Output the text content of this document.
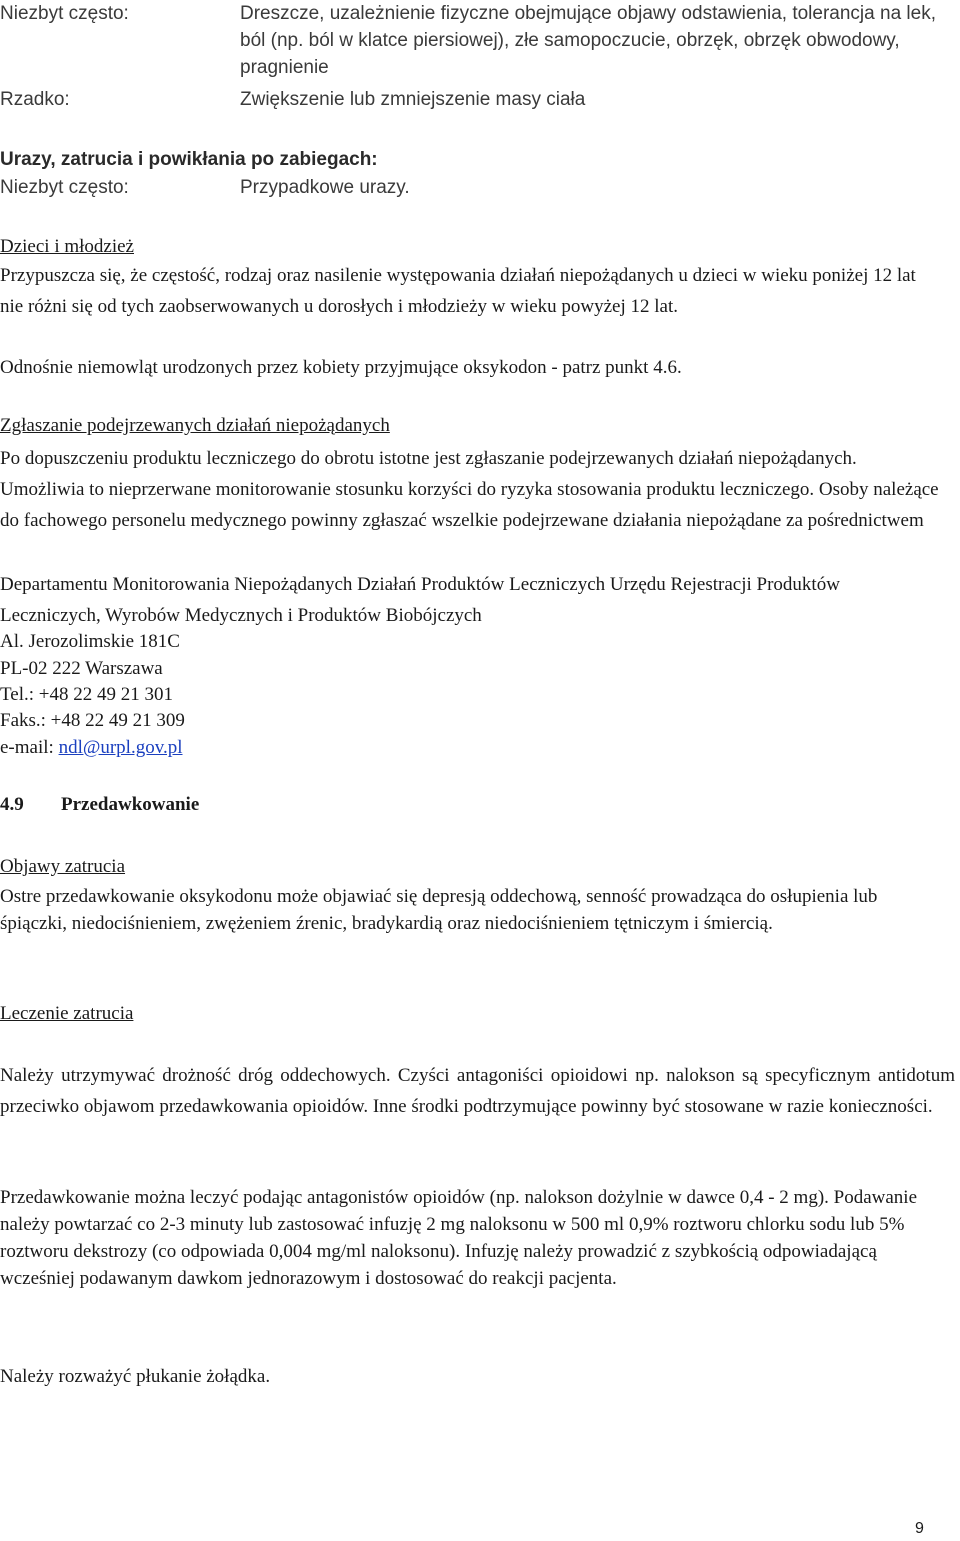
Niezbyt często:	Dreszcze, uzależnienie fizyczne obejmujące objawy odstawienia, tolerancja na lek, ból (np. ból w klatce piersiowej), złe samopoczucie, obrzęk, obrzęk obwodowy, pragnienie
Rzadko:	Zwiększenie lub zmniejszenie masy ciała
Urazy, zatrucia i powikłania po zabiegach:
Niezbyt często:	Przypadkowe urazy.
Dzieci i młodzież
Przypuszcza się, że częstość, rodzaj oraz nasilenie występowania działań niepożądanych u dzieci w wieku poniżej 12 lat nie różni się od tych zaobserwowanych u dorosłych i młodzieży w wieku powyżej 12 lat.
Odnośnie niemowląt urodzonych przez kobiety przyjmujące oksykodon - patrz punkt 4.6.
Zgłaszanie podejrzewanych działań niepożądanych
Po dopuszczeniu produktu leczniczego do obrotu istotne jest zgłaszanie podejrzewanych działań niepożądanych. Umożliwia to nieprzerwane monitorowanie stosunku korzyści do ryzyka stosowania produktu leczniczego. Osoby należące do fachowego personelu medycznego powinny zgłaszać wszelkie podejrzewane działania niepożądane za pośrednictwem
Departamentu Monitorowania Niepożądanych Działań Produktów Leczniczych Urzędu Rejestracji Produktów Leczniczych, Wyrobów Medycznych i Produktów Biobójczych
Al. Jerozolimskie 181C
PL-02 222 Warszawa
Tel.: +48 22 49 21 301
Faks.: +48 22 49 21 309
e-mail: ndl@urpl.gov.pl
4.9 Przedawkowanie
Objawy zatrucia
Ostre przedawkowanie oksykodonu może objawiać się depresją oddechową, senność prowadząca do osłupienia lub śpiączki, niedociśnieniem, zwężeniem źrenic, bradykardią oraz niedociśnieniem tętniczym i śmiercią.
Leczenie zatrucia
Należy utrzymywać drożność dróg oddechowych. Czyści antagoniści opioidowi np. nalokson są specyficznym antidotum przeciwko objawom przedawkowania opioidów. Inne środki podtrzymujące powinny być stosowane w razie konieczności.
Przedawkowanie można leczyć podając antagonistów opioidów (np. nalokson dożylnie w dawce 0,4 - 2 mg). Podawanie należy powtarzać co 2-3 minuty lub zastosować infuzję 2 mg naloksonu w 500 ml 0,9% roztworu chlorku sodu lub 5% roztworu dekstrozy (co odpowiada 0,004 mg/ml naloksonu). Infuzję należy prowadzić z szybkością odpowiadającą wcześniej podawanym dawkom jednorazowym i dostosować do reakcji pacjenta.
Należy rozważyć płukanie żołądka.
9
